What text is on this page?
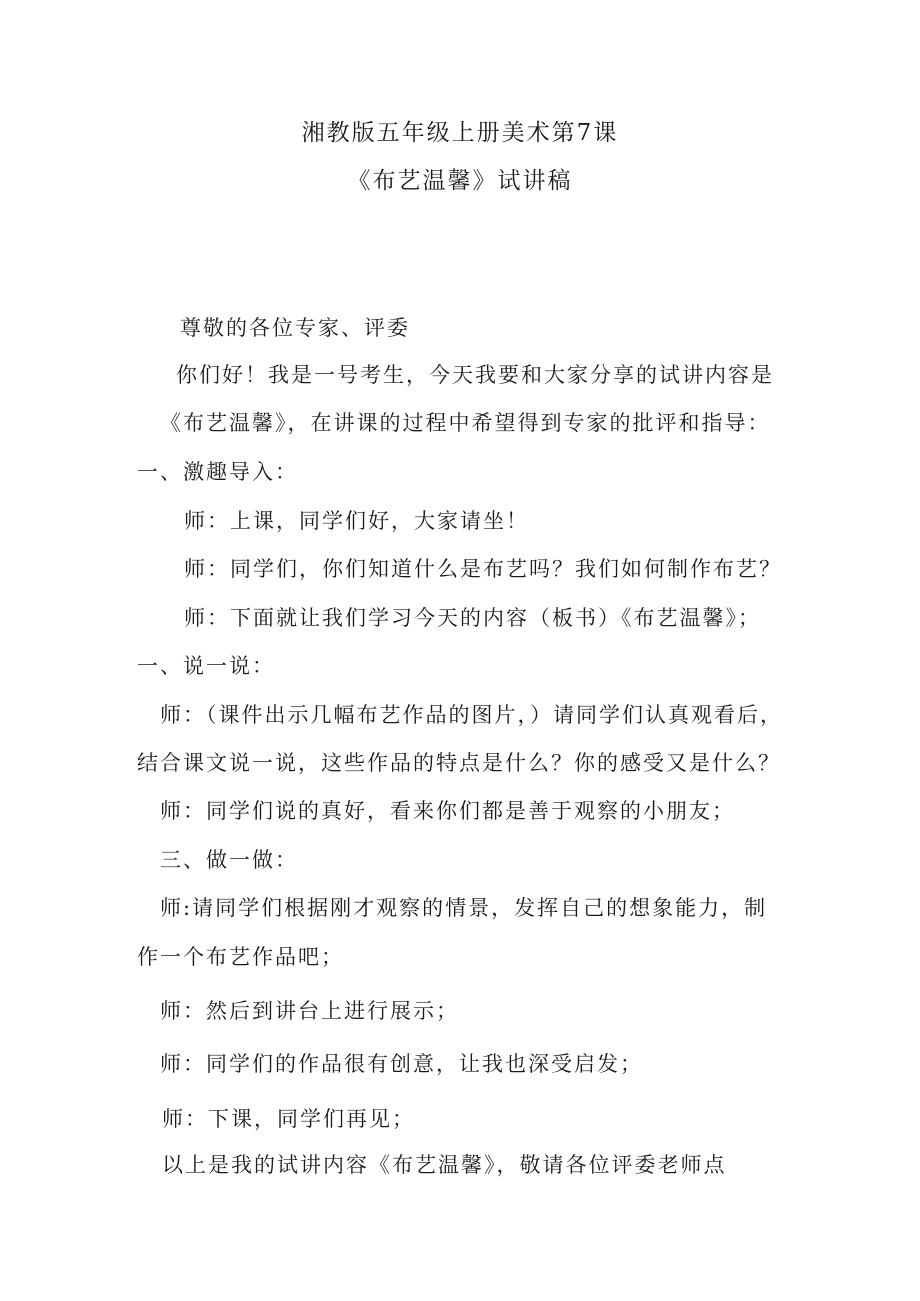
湘教版五年级上册美术第7课
《布艺温馨》试讲稿
尊敬的各位专家、评委
你们好！我是一号考生，今天我要和大家分享的试讲内容是
《布艺温馨》，在讲课的过程中希望得到专家的批评和指导：
一、激趣导入：
师：上课，同学们好，大家请坐！
师：同学们，你们知道什么是布艺吗？我们如何制作布艺？
师：下面就让我们学习今天的内容（板书）《布艺温馨》；
一、说一说：
师：（课件出示几幅布艺作品的图片，）请同学们认真观看后，
结合课文说一说，这些作品的特点是什么？你的感受又是什么？
师：同学们说的真好，看来你们都是善于观察的小朋友；
三、做一做：
师:请同学们根据刚才观察的情景，发挥自己的想象能力，制
作一个布艺作品吧；
师：然后到讲台上进行展示；
师：同学们的作品很有创意，让我也深受启发；
师：下课，同学们再见；
以上是我的试讲内容《布艺温馨》，敬请各位评委老师点
